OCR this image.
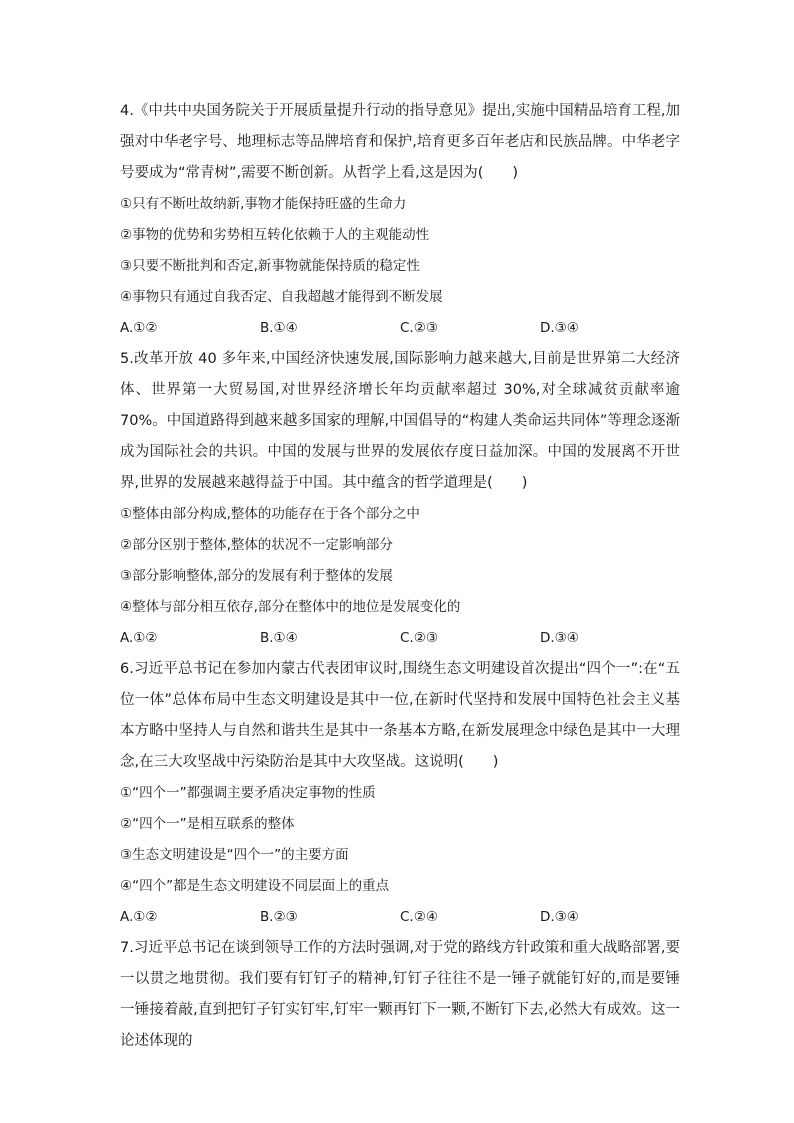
4.《中共中央国务院关于开展质量提升行动的指导意见》提出,实施中国精品培育工程,加强对中华老字号、地理标志等品牌培育和保护,培育更多百年老店和民族品牌。中华老字号要成为“常青树”,需要不断创新。从哲学上看,这是因为(　　)

①只有不断吐故纳新,事物才能保持旺盛的生命力

②事物的优势和劣势相互转化依赖于人的主观能动性

③只要不断批判和否定,新事物就能保持质的稳定性

④事物只有通过自我否定、自我超越才能得到不断发展

A.①②	B.①④	C.②③	D.③④

5.改革开放 40 多年来,中国经济快速发展,国际影响力越来越大,目前是世界第二大经济体、世界第一大贸易国,对世界经济增长年均贡献率超过 30%,对全球减贫贡献率逾 70%。中国道路得到越来越多国家的理解,中国倡导的“构建人类命运共同体”等理念逐渐成为国际社会的共识。中国的发展与世界的发展依存度日益加深。中国的发展离不开世界,世界的发展越来越得益于中国。其中蕴含的哲学道理是(　　)

①整体由部分构成,整体的功能存在于各个部分之中

②部分区别于整体,整体的状况不一定影响部分

③部分影响整体,部分的发展有利于整体的发展

④整体与部分相互依存,部分在整体中的地位是发展变化的

A.①②	B.①④	C.②③	D.③④

6.习近平总书记在参加内蒙古代表团审议时,围绕生态文明建设首次提出“四个一”:在“五位一体”总体布局中生态文明建设是其中一位,在新时代坚持和发展中国特色社会主义基本方略中坚持人与自然和谐共生是其中一条基本方略,在新发展理念中绿色是其中一大理念,在三大攻坚战中污染防治是其中大攻坚战。这说明(　　)

①“四个一”都强调主要矛盾决定事物的性质

②“四个一”是相互联系的整体

③生态文明建设是“四个一”的主要方面

④“四个”都是生态文明建设不同层面上的重点

A.①②	B.②③	C.②④	D.③④

7.习近平总书记在谈到领导工作的方法时强调,对于党的路线方针政策和重大战略部署,要一以贯之地贯彻。我们要有钉钉子的精神,钉钉子往往不是一锤子就能钉好的,而是要锤一锤接着敲,直到把钉子钉实钉牢,钉牢一颗再钉下一颗,不断钉下去,必然大有成效。这一论述体现的
